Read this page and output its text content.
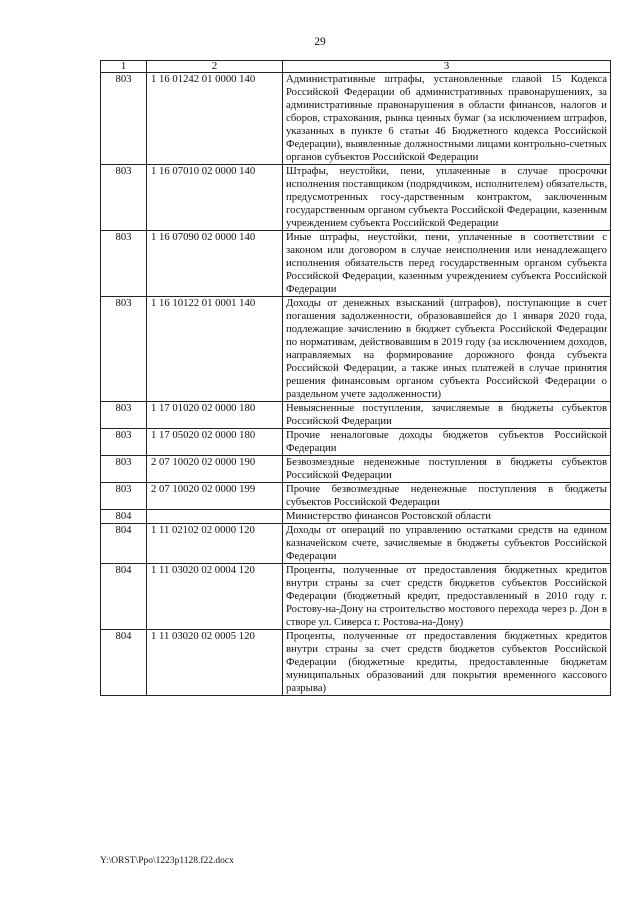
29
1	2	3
803	1 16 01242 01 0000 140	Административные штрафы, установленные главой 15 Кодекса Российской Федерации об административных правонарушениях, за административные правонарушения в области финансов, налогов и сборов, страхования, рынка ценных бумаг (за исключением штрафов, указанных в пункте 6 статьи 46 Бюджетного кодекса Российской Федерации), выявленные должностными лицами контрольно-счетных органов субъектов Российской Федерации
803	1 16 07010 02 0000 140	Штрафы, неустойки, пени, уплаченные в случае просрочки исполнения поставщиком (подрядчиком, исполнителем) обязательств, предусмотренных госу-дарственным контрактом, заключенным государственным органом субъекта Российской Федерации, казенным учреждением субъекта Российской Федерации
803	1 16 07090 02 0000 140	Иные штрафы, неустойки, пени, уплаченные в соответствии с законом или договором в случае неисполнения или ненадлежащего исполнения обязательств перед государственным органом субъекта Российской Федерации, казенным учреждением субъекта Российской Федерации
803	1 16 10122 01 0001 140	Доходы от денежных взысканий (штрафов), поступающие в счет погашения задолженности, образовавшейся до 1 января 2020 года, подлежащие зачислению в бюджет субъекта Российской Федерации по нормативам, действовавшим в 2019 году (за исключением доходов, направляемых на формирование дорожного фонда субъекта Российской Федерации, а также иных платежей в случае принятия решения финансовым органом субъекта Российской Федерации о раздельном учете задолженности)
803	1 17 01020 02 0000 180	Невыясненные поступления, зачисляемые в бюджеты субъектов Российской Федерации
803	1 17 05020 02 0000 180	Прочие неналоговые доходы бюджетов субъектов Российской Федерации
803	2 07 10020 02 0000 190	Безвозмездные неденежные поступления в бюджеты субъектов Российской Федерации
803	2 07 10020 02 0000 199	Прочие безвозмездные неденежные поступления в бюджеты субъектов Российской Федерации
804		Министерство финансов Ростовской области
804	1 11 02102 02 0000 120	Доходы от операций по управлению остатками средств на едином казначейском счете, зачисляемые в бюджеты субъектов Российской Федерации
804	1 11 03020 02 0004 120	Проценты, полученные от предоставления бюджетных кредитов внутри страны за счет средств бюджетов субъектов Российской Федерации (бюджетный кредит, предоставленный в 2010 году г. Ростову-на-Дону на строительство мостового перехода через р. Дон в створе ул. Сиверса г. Ростова-на-Дону)
804	1 11 03020 02 0005 120	Проценты, полученные от предоставления бюджетных кредитов внутри страны за счет средств бюджетов субъектов Российской Федерации (бюджетные кредиты, предоставленные бюджетам муниципальных образований для покрытия временного кассового разрыва)
Y:\ORST\Ppo\1223p1128.f22.docx
